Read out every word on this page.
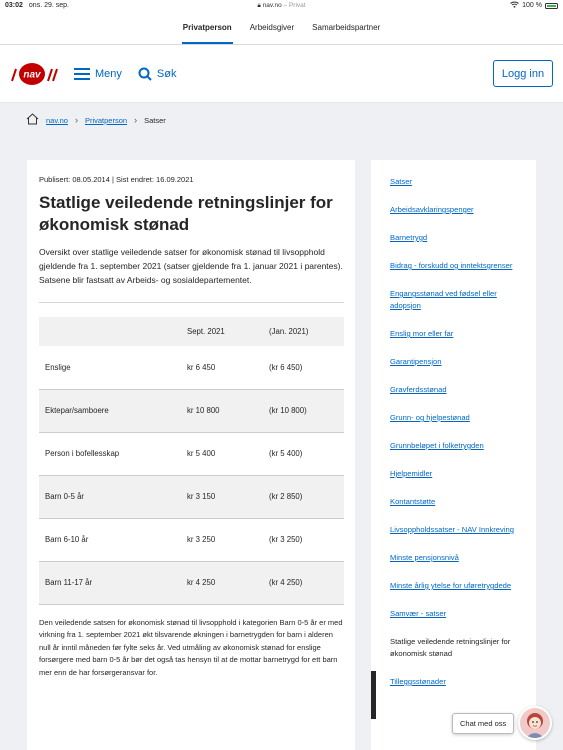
03:02 ons. 29. sep.	🔒︎ nav.no – Privat	100 %
Privatperson	Arbeidsgiver	Samarbeidspartner
nav	Meny	Søk	Logg inn
nav.no › Privatperson › Satser

Publisert: 08.05.2014 | Sist endret: 16.09.2021

Statlige veiledende retningslinjer for økonomisk stønad

Oversikt over statlige veiledende satser for økonomisk stønad til livsopphold gjeldende fra 1. september 2021 (satser gjeldende fra 1. januar 2021 i parentes). Satsene blir fastsatt av Arbeids- og sosialdepartementet.

	Sept. 2021	(Jan. 2021)
Enslige	kr 6 450	(kr 6 450)
Ektepar/samboere	kr 10 800	(kr 10 800)
Person i bofellesskap	kr 5 400	(kr 5 400)
Barn 0-5 år	kr 3 150	(kr 2 850)
Barn 6-10 år	kr 3 250	(kr 3 250)
Barn 11-17 år	kr 4 250	(kr 4 250)

Den veiledende satsen for økonomisk stønad til livsopphold i kategorien Barn 0-5 år er med virkning fra 1. september 2021 økt tilsvarende økningen i barnetrygden for barn i alderen null år inntil måneden før fylte seks år. Ved utmåling av økonomisk stønad for enslige forsørgere med barn 0-5 år bør det også tas hensyn til at de mottar barnetrygd for ett barn mer enn de har forsørgeransvar for.

Satser
Arbeidsavklaringspenger
Barnetrygd
Bidrag - forskudd og inntektsgrenser
Engangsstønad ved fødsel eller adopsjon
Enslig mor eller far
Garantipensjon
Gravferdsstønad
Grunn- og hjelpestønad
Grunnbeløpet i folketrygden
Hjelpemidler
Kontantstøtte
Livsoppholdssatser - NAV Innkreving
Minste pensjonsnivå
Minste årlig ytelse for uføretrygdede
Samvær - satser
Statlige veiledende retningslinjer for økonomisk stønad
Tilleggsstønader
Chat med oss
